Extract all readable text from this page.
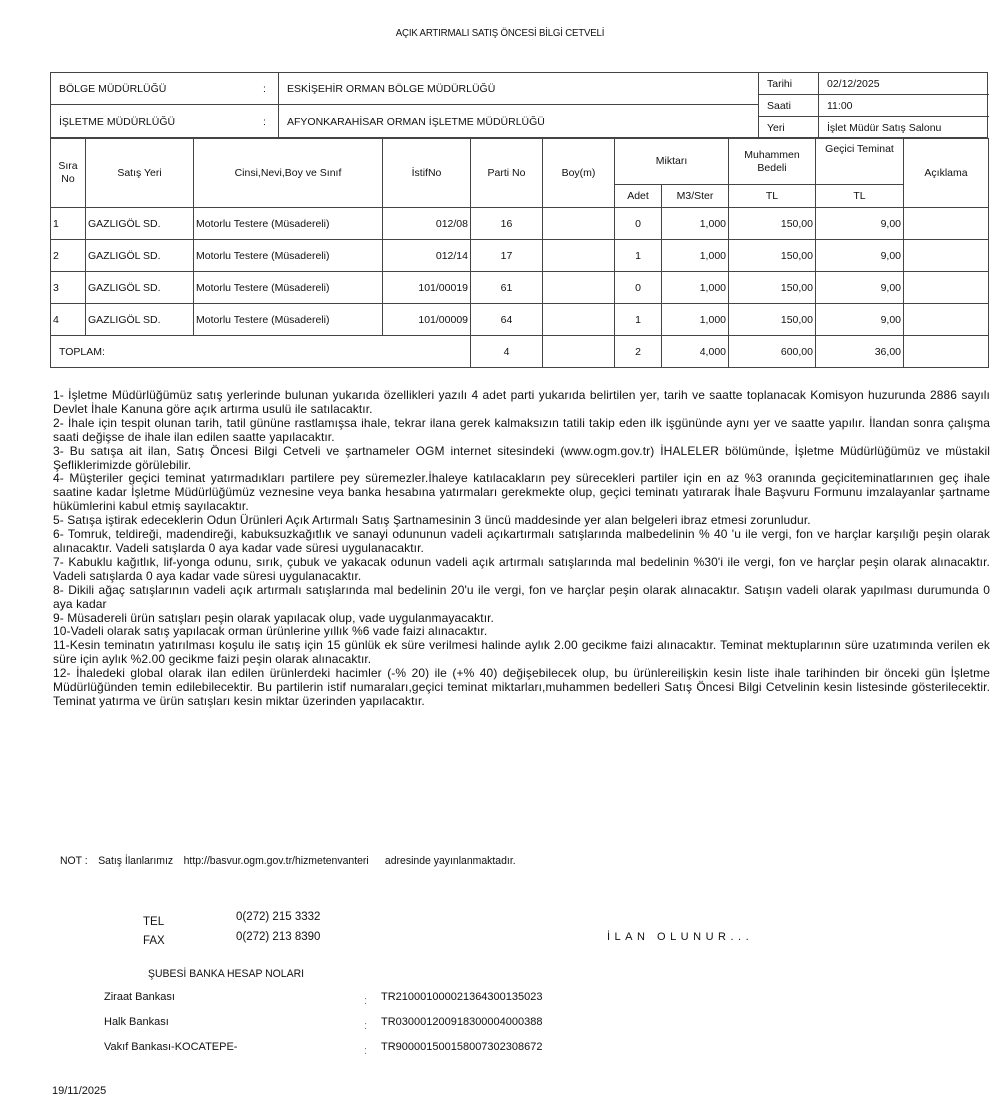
AÇIK ARTIRMALI SATIŞ ÖNCESİ BİLGİ CETVELİ
BÖLGE MÜDÜRLÜĞÜ	:	ESKİŞEHİR ORMAN BÖLGE MÜDÜRLÜĞÜ
İŞLETME MÜDÜRLÜĞÜ	:	AFYONKARAHİSAR ORMAN İŞLETME MÜDÜRLÜĞÜ
Tarihi	02/12/2025
Saati	11:00
Yeri	İşlet Müdür Satış Salonu
Sıra No	Satış Yeri	Cinsi,Nevi,Boy ve Sınıf	İstifNo	Parti No	Boy(m)	Miktarı		Muhammen Bedeli	Geçici Teminat	Açıklama
						Adet	M3/Ster	TL	TL	
1	GAZLIGÖL SD.	Motorlu Testere (Müsadereli)	012/08	16		0	1,000	150,00	9,00	
2	GAZLIGÖL SD.	Motorlu Testere (Müsadereli)	012/14	17		1	1,000	150,00	9,00	
3	GAZLIGÖL SD.	Motorlu Testere (Müsadereli)	101/00019	61		0	1,000	150,00	9,00	
4	GAZLIGÖL SD.	Motorlu Testere (Müsadereli)	101/00009	64		1	1,000	150,00	9,00	
TOPLAM:				4		2	4,000	600,00	36,00	

1- İşletme Müdürlüğümüz satış yerlerinde bulunan yukarıda özellikleri yazılı 4 adet parti yukarıda belirtilen yer, tarih ve saatte toplanacak Komisyon huzurunda 2886 sayılı Devlet İhale Kanuna göre açık artırma usulü ile satılacaktır.

2- İhale için tespit olunan tarih, tatil gününe rastlamışsa ihale, tekrar ilana gerek kalmaksızın tatili takip eden ilk işgününde aynı yer ve saatte yapılır. İlandan sonra çalışma saati değişse de ihale ilan edilen saatte yapılacaktır.

3- Bu satışa ait ilan, Satış Öncesi Bilgi Cetveli ve şartnameler OGM internet sitesindeki (www.ogm.gov.tr) İHALELER bölümünde, İşletme Müdürlüğümüz ve müstakil Şefliklerimizde görülebilir.

4- Müşteriler geçici teminat yatırmadıkları partilere pey süremezler.İhaleye katılacakların pey sürecekleri partiler için en az %3 oranında geçiciteminatlarınıen geç ihale saatine kadar İşletme Müdürlüğümüz veznesine veya banka hesabına yatırmaları gerekmekte olup, geçici teminatı yatırarak İhale Başvuru Formunu imzalayanlar şartname hükümlerini kabul etmiş sayılacaktır.

5- Satışa iştirak edeceklerin Odun Ürünleri Açık Artırmalı Satış Şartnamesinin 3 üncü maddesinde yer alan belgeleri ibraz etmesi zorunludur.

6- Tomruk, teldireği, madendireği, kabuksuzkağıtlık ve sanayi odununun vadeli açıkartırmalı satışlarında malbedelinin % 40 'u ile vergi, fon ve harçlar karşılığı peşin olarak alınacaktır. Vadeli satışlarda 0 aya kadar vade süresi uygulanacaktır.

7- Kabuklu kağıtlık, lif-yonga odunu, sırık, çubuk ve yakacak odunun vadeli açık artırmalı satışlarında mal bedelinin %30'i ile vergi, fon ve harçlar peşin olarak alınacaktır. Vadeli satışlarda 0 aya kadar vade süresi uygulanacaktır.

8- Dikili ağaç satışlarının vadeli açık artırmalı satışlarında mal bedelinin 20'u ile vergi, fon ve harçlar peşin olarak alınacaktır. Satışın vadeli olarak yapılması durumunda 0 aya kadar

9- Müsadereli ürün satışları peşin olarak yapılacak olup, vade uygulanmayacaktır.

10-Vadeli olarak satış yapılacak orman ürünlerine yıllık %6 vade faizi alınacaktır.

11-Kesin teminatın yatırılması koşulu ile satış için 15 günlük ek süre verilmesi halinde aylık 2.00 gecikme faizi alınacaktır. Teminat mektuplarının süre uzatımında verilen ek süre için aylık %2.00 gecikme faizi peşin olarak alınacaktır.

12- İhaledeki global olarak ilan edilen ürünlerdeki hacimler (-% 20) ile (+% 40) değişebilecek olup, bu ürünlereilişkin kesin liste ihale tarihinden bir önceki gün İşletme Müdürlüğünden temin edilebilecektir. Bu partilerin istif numaraları,geçici teminat miktarları,muhammen bedelleri Satış Öncesi Bilgi Cetvelinin kesin listesinde gösterilecektir. Teminat yatırma ve ürün satışları kesin miktar üzerinden yapılacaktır.

NOT : Satış İlanlarımız http://basvur.ogm.gov.tr/hizmetenvanteri adresinde yayınlanmaktadır.
TEL	0(272) 215 3332
FAX	0(272) 213 8390	İLAN OLUNUR...
ŞUBESİ BANKA HESAP NOLARI
Ziraat Bankası	: TR210001000021364300135023
Halk Bankası	: TR030001200918300004000388
Vakıf Bankası-KOCATEPE-	: TR900001500158007302308672
19/11/2025
